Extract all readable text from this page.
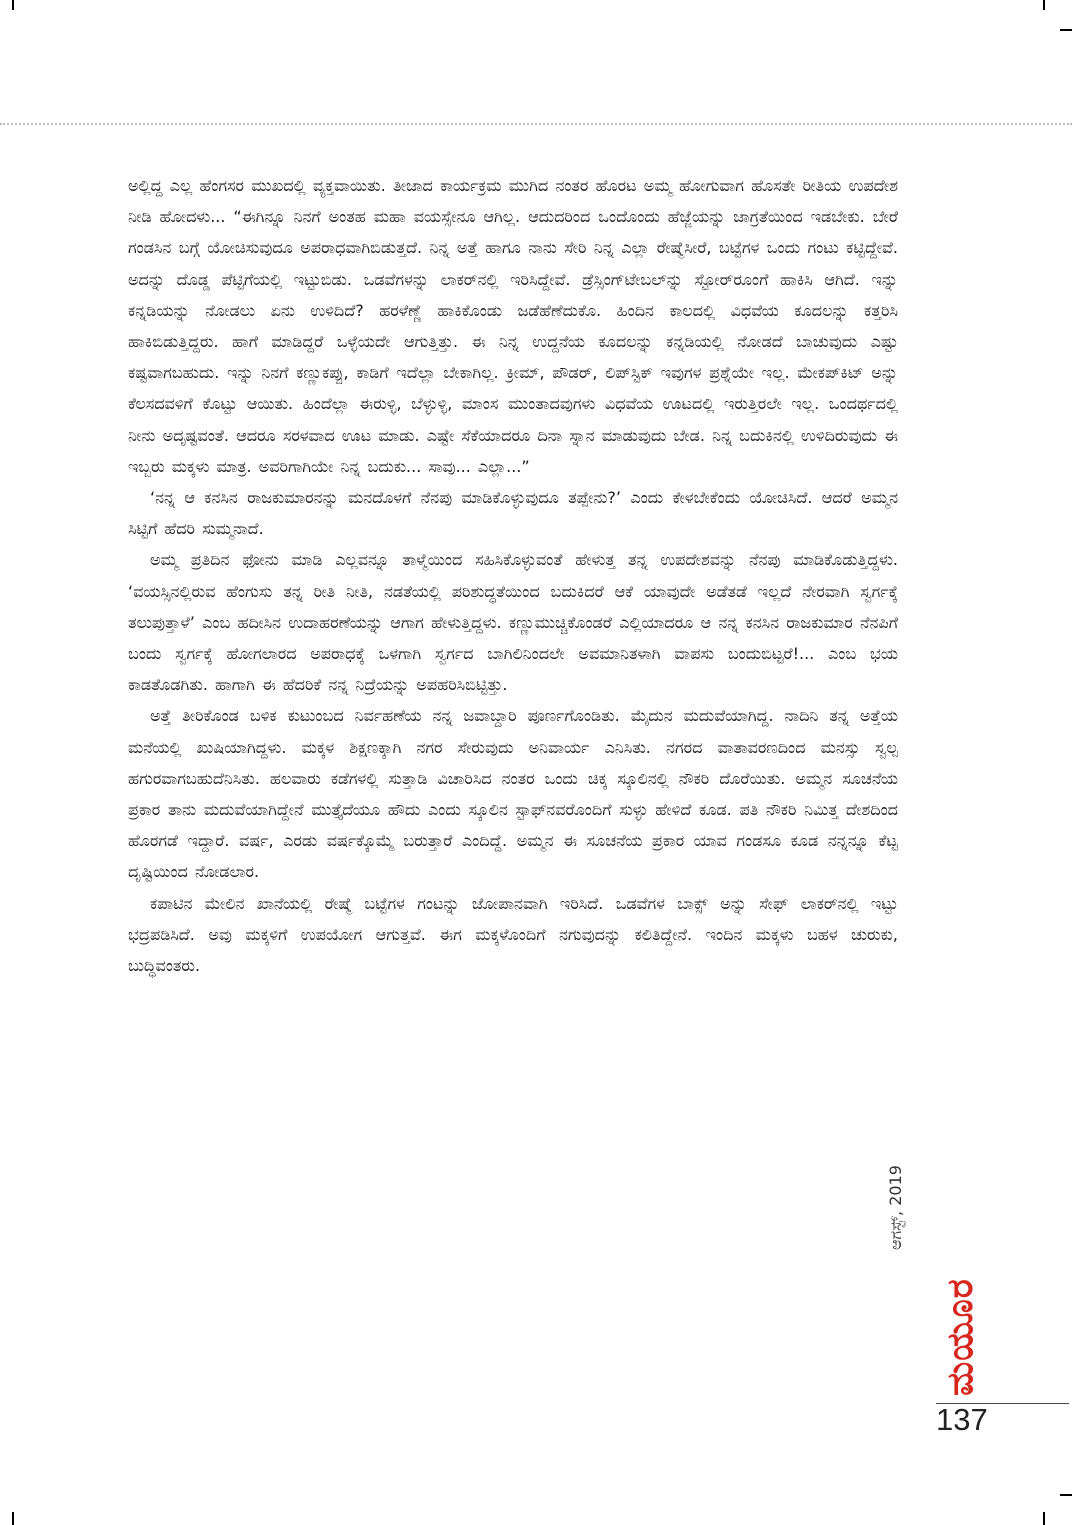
ಅಲ್ಲಿದ್ದ ಎಲ್ಲ ಹೆಂಗಸರ ಮುಖದಲ್ಲಿ ವ್ಯಕ್ತವಾಯಿತು. ತೀಜಾದ ಕಾರ್ಯಕ್ರಮ ಮುಗಿದ ನಂತರ ಹೊರಟ ಅಮ್ಮ ಹೋಗುವಾಗ ಹೊಸತೇ ರೀತಿಯ ಉಪದೇಶ ನೀಡಿ ಹೋದಳು... “ಈಗಿನ್ನೂ ನಿನಗೆ ಅಂತಹ ಮಹಾ ವಯಸ್ಸೇನೂ ಆಗಿಲ್ಲ. ಆದುದರಿಂದ ಒಂದೊಂದು ಹೆಜ್ಜೆಯನ್ನು ಜಾಗ್ರತೆಯಿಂದ ಇಡಬೇಕು. ಬೇರೆ ಗಂಡಸಿನ ಬಗ್ಗೆ ಯೋಚಿಸುವುದೂ ಅಪರಾಧವಾಗಿಬಿಡುತ್ತದೆ. ನಿನ್ನ ಅತ್ತೆ ಹಾಗೂ ನಾನು ಸೇರಿ ನಿನ್ನ ಎಲ್ಲಾ ರೇಷ್ಮೆಸೀರೆ, ಬಟ್ಟೆಗಳ ಒಂದು ಗಂಟು ಕಟ್ಟಿದ್ದೇವೆ. ಅದನ್ನು ದೊಡ್ಡ ಪೆಟ್ಟಿಗೆಯಲ್ಲಿ ಇಟ್ಟುಬಿಡು. ಒಡವೆಗಳನ್ನು ಲಾಕರ್‌ನಲ್ಲಿ ಇರಿಸಿದ್ದೇವೆ. ಡ್ರೆಸ್ಸಿಂಗ್‌ಟೇಬಲ್‌ನ್ನು ಸ್ಟೋರ್‌ರೂಂಗೆ ಹಾಕಿಸಿ ಆಗಿದೆ. ಇನ್ನು ಕನ್ನಡಿಯನ್ನು ನೋಡಲು ಏನು ಉಳಿದಿದೆ? ಹರಳೆಣ್ಣೆ ಹಾಕಿಕೊಂಡು ಜಡೆಹೆಣೆದುಕೊ. ಹಿಂದಿನ ಕಾಲದಲ್ಲಿ ವಿಧವೆಯ ಕೂದಲನ್ನು ಕತ್ತರಿಸಿ ಹಾಕಿಬಿಡುತ್ತಿದ್ದರು. ಹಾಗೆ ಮಾಡಿದ್ದರೆ ಒಳ್ಳೆಯದೇ ಆಗುತ್ತಿತ್ತು. ಈ ನಿನ್ನ ಉದ್ದನೆಯ ಕೂದಲನ್ನು ಕನ್ನಡಿಯಲ್ಲಿ ನೋಡದೆ ಬಾಚುವುದು ಎಷ್ಟು ಕಷ್ಟವಾಗಬಹುದು. ಇನ್ನು ನಿನಗೆ ಕಣ್ಣುಕಪ್ಪು, ಕಾಡಿಗೆ ಇದೆಲ್ಲಾ ಬೇಕಾಗಿಲ್ಲ. ಕ್ರೀಮ್, ಪೌಡರ್, ಲಿಪ್‌ಸ್ಟಿಕ್ ಇವುಗಳ ಪ್ರಶ್ನೆಯೇ ಇಲ್ಲ. ಮೇಕಪ್‌ಕಿಟ್ ಅನ್ನು ಕೆಲಸದವಳಿಗೆ ಕೊಟ್ಟು ಆಯಿತು. ಹಿಂದೆಲ್ಲಾ ಈರುಳ್ಳಿ, ಬೆಳ್ಳುಳ್ಳಿ, ಮಾಂಸ ಮುಂತಾದವುಗಳು ವಿಧವೆಯ ಊಟದಲ್ಲಿ ಇರುತ್ತಿರಲೇ ಇಲ್ಲ. ಒಂದರ್ಥದಲ್ಲಿ ನೀನು ಅದೃಷ್ಟವಂತೆ. ಆದರೂ ಸರಳವಾದ ಊಟ ಮಾಡು. ಎಷ್ಟೇ ಸೆಕೆಯಾದರೂ ದಿನಾ ಸ್ನಾನ ಮಾಡುವುದು ಬೇಡ. ನಿನ್ನ ಬದುಕಿನಲ್ಲಿ ಉಳಿದಿರುವುದು ಈ ಇಬ್ಬರು ಮಕ್ಕಳು ಮಾತ್ರ. ಅವರಿಗಾಗಿಯೇ ನಿನ್ನ ಬದುಕು... ಸಾವು... ಎಲ್ಲಾ...”

‘ನನ್ನ ಆ ಕನಸಿನ ರಾಜಕುಮಾರನನ್ನು ಮನದೊಳಗೆ ನೆನಪು ಮಾಡಿಕೊಳ್ಳುವುದೂ ತಪ್ಪೇನು?’ ಎಂದು ಕೇಳಬೇಕೆಂದು ಯೋಚಿಸಿದೆ. ಆದರೆ ಅಮ್ಮನ ಸಿಟ್ಟಿಗೆ ಹೆದರಿ ಸುಮ್ಮನಾದೆ.

ಅಮ್ಮ ಪ್ರತಿದಿನ ಫೋನು ಮಾಡಿ ಎಲ್ಲವನ್ನೂ ತಾಳ್ಮೆಯಿಂದ ಸಹಿಸಿಕೊಳ್ಳುವಂತೆ ಹೇಳುತ್ತ ತನ್ನ ಉಪದೇಶವನ್ನು ನೆನಪು ಮಾಡಿಕೊಡುತ್ತಿದ್ದಳು. ‘ವಯಸ್ಸಿನಲ್ಲಿರುವ ಹೆಂಗುಸು ತನ್ನ ರೀತಿ ನೀತಿ, ನಡತೆಯಲ್ಲಿ ಪರಿಶುದ್ಧತೆಯಿಂದ ಬದುಕಿದರೆ ಆಕೆ ಯಾವುದೇ ಅಡೆತಡೆ ಇಲ್ಲದೆ ನೇರವಾಗಿ ಸ್ವರ್ಗಕ್ಕೆ ತಲುಪುತ್ತಾಳೆ’ ಎಂಬ ಹದೀಸಿನ ಉದಾಹರಣೆಯನ್ನು ಆಗಾಗ ಹೇಳುತ್ತಿದ್ದಳು. ಕಣ್ಣುಮುಚ್ಚಿಕೊಂಡರೆ ಎಲ್ಲಿಯಾದರೂ ಆ ನನ್ನ ಕನಸಿನ ರಾಜಕುಮಾರ ನೆನಪಿಗೆ ಬಂದು ಸ್ವರ್ಗಕ್ಕೆ ಹೋಗಲಾರದ ಅಪರಾಧಕ್ಕೆ ಒಳಗಾಗಿ ಸ್ವರ್ಗದ ಬಾಗಿಲಿನಿಂದಲೇ ಅವಮಾನಿತಳಾಗಿ ವಾಪಸು ಬಂದುಬಿಟ್ಟರೆ!... ಎಂಬ ಭಯ ಕಾಡತೊಡಗಿತು. ಹಾಗಾಗಿ ಈ ಹೆದರಿಕೆ ನನ್ನ ನಿದ್ರೆಯನ್ನು ಅಪಹರಿಸಿಬಿಟ್ಟಿತ್ತು.

ಅತ್ತೆ ತೀರಿಕೊಂಡ ಬಳಿಕ ಕುಟುಂಬದ ನಿರ್ವಹಣೆಯ ನನ್ನ ಜವಾಬ್ದಾರಿ ಪೂರ್ಣಗೊಂಡಿತು. ಮೈದುನ ಮದುವೆಯಾಗಿದ್ದ. ನಾದಿನಿ ತನ್ನ ಅತ್ತೆಯ ಮನೆಯಲ್ಲಿ ಖುಷಿಯಾಗಿದ್ದಳು. ಮಕ್ಕಳ ಶಿಕ್ಷಣಕ್ಕಾಗಿ ನಗರ ಸೇರುವುದು ಅನಿವಾರ್ಯ ಎನಿಸಿತು. ನಗರದ ವಾತಾವರಣದಿಂದ ಮನಸ್ಸು ಸ್ವಲ್ಪ ಹಗುರವಾಗಬಹುದೆನಿಸಿತು. ಹಲವಾರು ಕಡೆಗಳಲ್ಲಿ ಸುತ್ತಾಡಿ ವಿಚಾರಿಸಿದ ನಂತರ ಒಂದು ಚಿಕ್ಕ ಸ್ಕೂಲಿನಲ್ಲಿ ನೌಕರಿ ದೊರೆಯಿತು. ಅಮ್ಮನ ಸೂಚನೆಯ ಪ್ರಕಾರ ತಾನು ಮದುವೆಯಾಗಿದ್ದೇನೆ ಮುತ್ತೈದೆಯೂ ಹೌದು ಎಂದು ಸ್ಕೂಲಿನ ಸ್ಟಾಫ್‌ನವರೊಂದಿಗೆ ಸುಳ್ಳು ಹೇಳಿದೆ ಕೂಡ. ಪತಿ ನೌಕರಿ ನಿಮಿತ್ತ ದೇಶದಿಂದ ಹೊರಗಡೆ ಇದ್ದಾರೆ. ವರ್ಷ, ಎರಡು ವರ್ಷಕ್ಕೊಮ್ಮೆ ಬರುತ್ತಾರೆ ಎಂದಿದ್ದೆ. ಅಮ್ಮನ ಈ ಸೂಚನೆಯ ಪ್ರಕಾರ ಯಾವ ಗಂಡಸೂ ಕೂಡ ನನ್ನನ್ನೂ ಕೆಟ್ಟ ದೃಷ್ಟಿಯಿಂದ ನೋಡಲಾರ.

ಕಪಾಟಿನ ಮೇಲಿನ ಖಾನೆಯಲ್ಲಿ ರೇಷ್ಮೆ ಬಟ್ಟೆಗಳ ಗಂಟನ್ನು ಜೋಪಾನವಾಗಿ ಇರಿಸಿದೆ. ಒಡವೆಗಳ ಬಾಕ್ಸ್ ಅನ್ನು ಸೇಫ್ ಲಾಕರ್‌ನಲ್ಲಿ ಇಟ್ಟು ಭದ್ರಪಡಿಸಿದೆ. ಅವು ಮಕ್ಕಳಿಗೆ ಉಪಯೋಗ ಆಗುತ್ತವೆ. ಈಗ ಮಕ್ಕಳೊಂದಿಗೆ ನಗುವುದನ್ನು ಕಲಿತಿದ್ದೇನೆ. ಇಂದಿನ ಮಕ್ಕಳು ಬಹಳ ಚುರುಕು, ಬುದ್ಧಿವಂತರು.

ಆಗಸ್ಟ್, 2019
ಮಯೂರ
137
